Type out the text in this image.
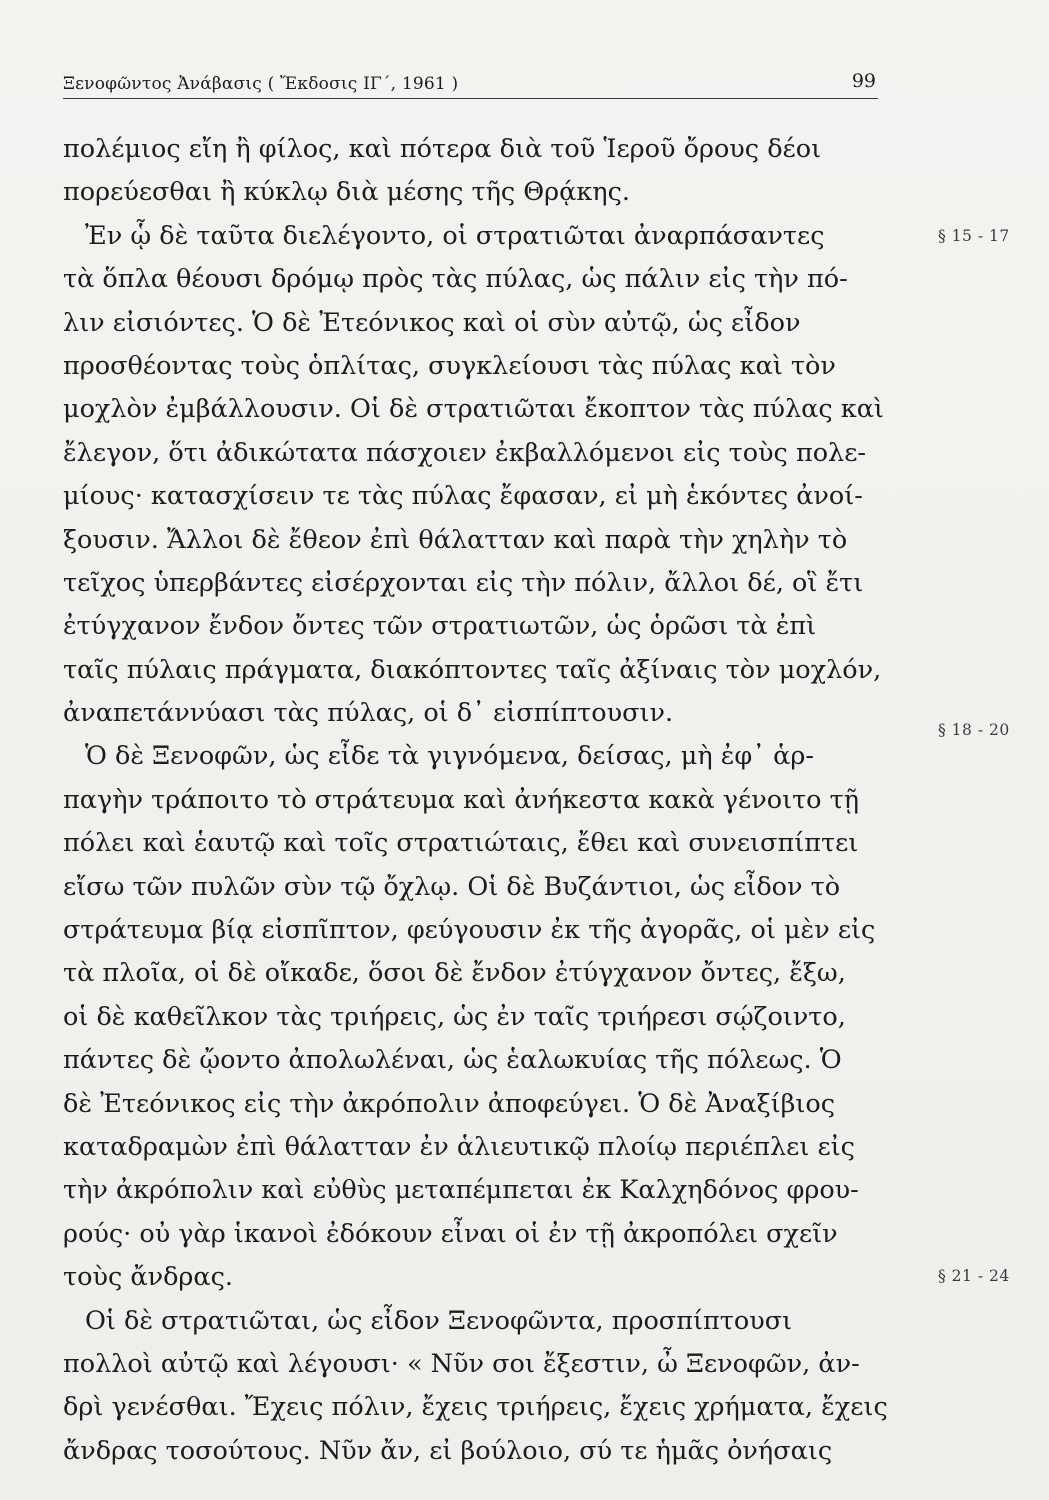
Ξενοφῶντος Ἀνάβασις ( Ἔκδοσις ΙΓ΄, 1961 )	99
πολέμιος εἴη ἢ φίλος, καὶ πότερα διὰ τοῦ Ἱεροῦ ὄρους δέοι
πορεύεσθαι ἢ κύκλῳ διὰ μέσης τῆς Θρᾴκης.
Ἐν ᾧ δὲ ταῦτα διελέγοντο, οἱ στρατιῶται ἀναρπάσαντες
τὰ ὅπλα θέουσι δρόμῳ πρὸς τὰς πύλας, ὡς πάλιν εἰς τὴν πό-
λιν εἰσιόντες. Ὁ δὲ Ἐτεόνικος καὶ οἱ σὺν αὐτῷ, ὡς εἶδον
προσθέοντας τοὺς ὁπλίτας, συγκλείουσι τὰς πύλας καὶ τὸν
μοχλὸν ἐμβάλλουσιν. Οἱ δὲ στρατιῶται ἔκοπτον τὰς πύλας καὶ
ἔλεγον, ὅτι ἀδικώτατα πάσχοιεν ἐκβαλλόμενοι εἰς τοὺς πολε-
μίους· κατασχίσειν τε τὰς πύλας ἔφασαν, εἰ μὴ ἑκόντες ἀνοί-
ξουσιν. Ἄλλοι δὲ ἔθεον ἐπὶ θάλατταν καὶ παρὰ τὴν χηλὴν τὸ
τεῖχος ὑπερβάντες εἰσέρχονται εἰς τὴν πόλιν, ἄλλοι δέ, οἳ ἔτι
ἐτύγχανον ἔνδον ὄντες τῶν στρατιωτῶν, ὡς ὁρῶσι τὰ ἐπὶ
ταῖς πύλαις πράγματα, διακόπτοντες ταῖς ἀξίναις τὸν μοχλόν,
ἀναπετάννύασι τὰς πύλας, οἱ δ᾽ εἰσπίπτουσιν.
Ὁ δὲ Ξενοφῶν, ὡς εἶδε τὰ γιγνόμενα, δείσας, μὴ ἐφ᾽ ἁρ-
παγὴν τράποιτο τὸ στράτευμα καὶ ἀνήκεστα κακὰ γένοιτο τῇ
πόλει καὶ ἑαυτῷ καὶ τοῖς στρατιώταις, ἔθει καὶ συνεισπίπτει
εἴσω τῶν πυλῶν σὺν τῷ ὄχλῳ. Οἱ δὲ Βυζάντιοι, ὡς εἶδον τὸ
στράτευμα βίᾳ εἰσπῖπτον, φεύγουσιν ἐκ τῆς ἀγορᾶς, οἱ μὲν εἰς
τὰ πλοῖα, οἱ δὲ οἴκαδε, ὅσοι δὲ ἔνδον ἐτύγχανον ὄντες, ἔξω,
οἱ δὲ καθεῖλκον τὰς τριήρεις, ὡς ἐν ταῖς τριήρεσι σῴζοιντο,
πάντες δὲ ᾤοντο ἀπολωλέναι, ὡς ἑαλωκυίας τῆς πόλεως. Ὁ
δὲ Ἐτεόνικος εἰς τὴν ἀκρόπολιν ἀποφεύγει. Ὁ δὲ Ἀναξίβιος
καταδραμὼν ἐπὶ θάλατταν ἐν ἁλιευτικῷ πλοίῳ περιέπλει εἰς
τὴν ἀκρόπολιν καὶ εὐθὺς μεταπέμπεται ἐκ Καλχηδόνος φρου-
ρούς· οὐ γὰρ ἱκανοὶ ἐδόκουν εἶναι οἱ ἐν τῇ ἀκροπόλει σχεῖν
τοὺς ἄνδρας.
Οἱ δὲ στρατιῶται, ὡς εἶδον Ξενοφῶντα, προσπίπτουσι
πολλοὶ αὐτῷ καὶ λέγουσι· « Νῦν σοι ἔξεστιν, ὦ Ξενοφῶν, ἀν-
δρὶ γενέσθαι. Ἔχεις πόλιν, ἔχεις τριήρεις, ἔχεις χρήματα, ἔχεις
ἄνδρας τοσούτους. Νῦν ἄν, εἰ βούλοιο, σύ τε ἡμᾶς ὀνήσαις
§ 15 - 17
§ 18 - 20
§ 21 - 24
